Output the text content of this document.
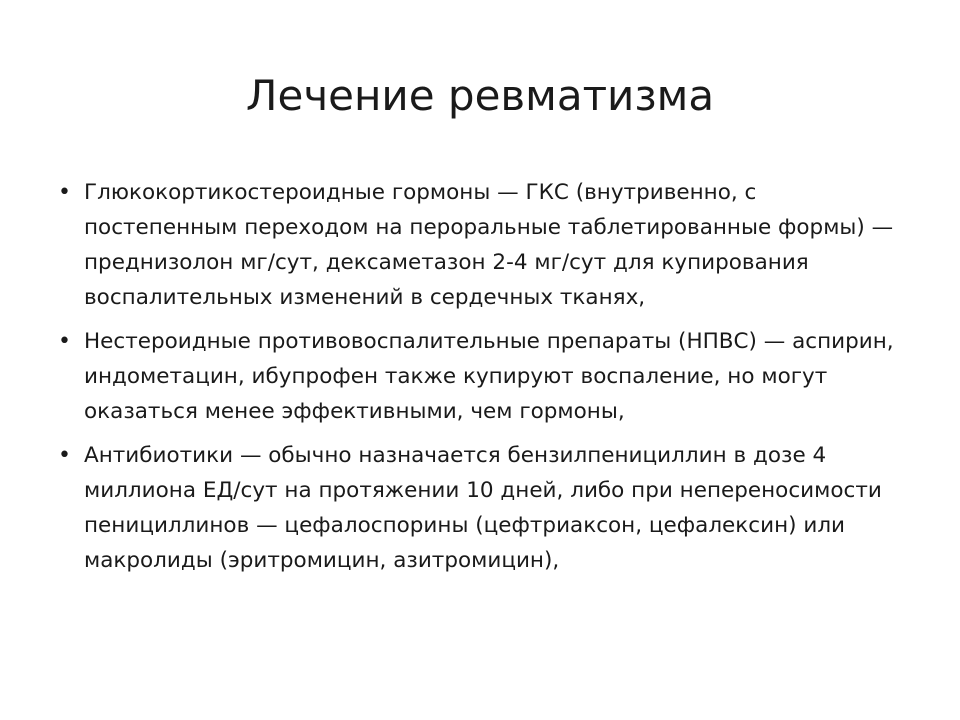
Лечение ревматизма
• Глюкокортикостероидные гормоны — ГКС (внутривенно, с постепенным переходом на пероральные таблетированные формы) — преднизолон мг/сут, дексаметазон 2-4 мг/сут для купирования воспалительных изменений в сердечных тканях,
• Нестероидные противовоспалительные препараты (НПВС) — аспирин, индометацин, ибупрофен также купируют воспаление, но могут оказаться менее эффективными, чем гормоны,
• Антибиотики — обычно назначается бензилпенициллин в дозе 4 миллиона ЕД/сут на протяжении 10 дней, либо при непереносимости пенициллинов — цефалоспорины (цефтриаксон, цефалексин) или макролиды (эритромицин, азитромицин),
